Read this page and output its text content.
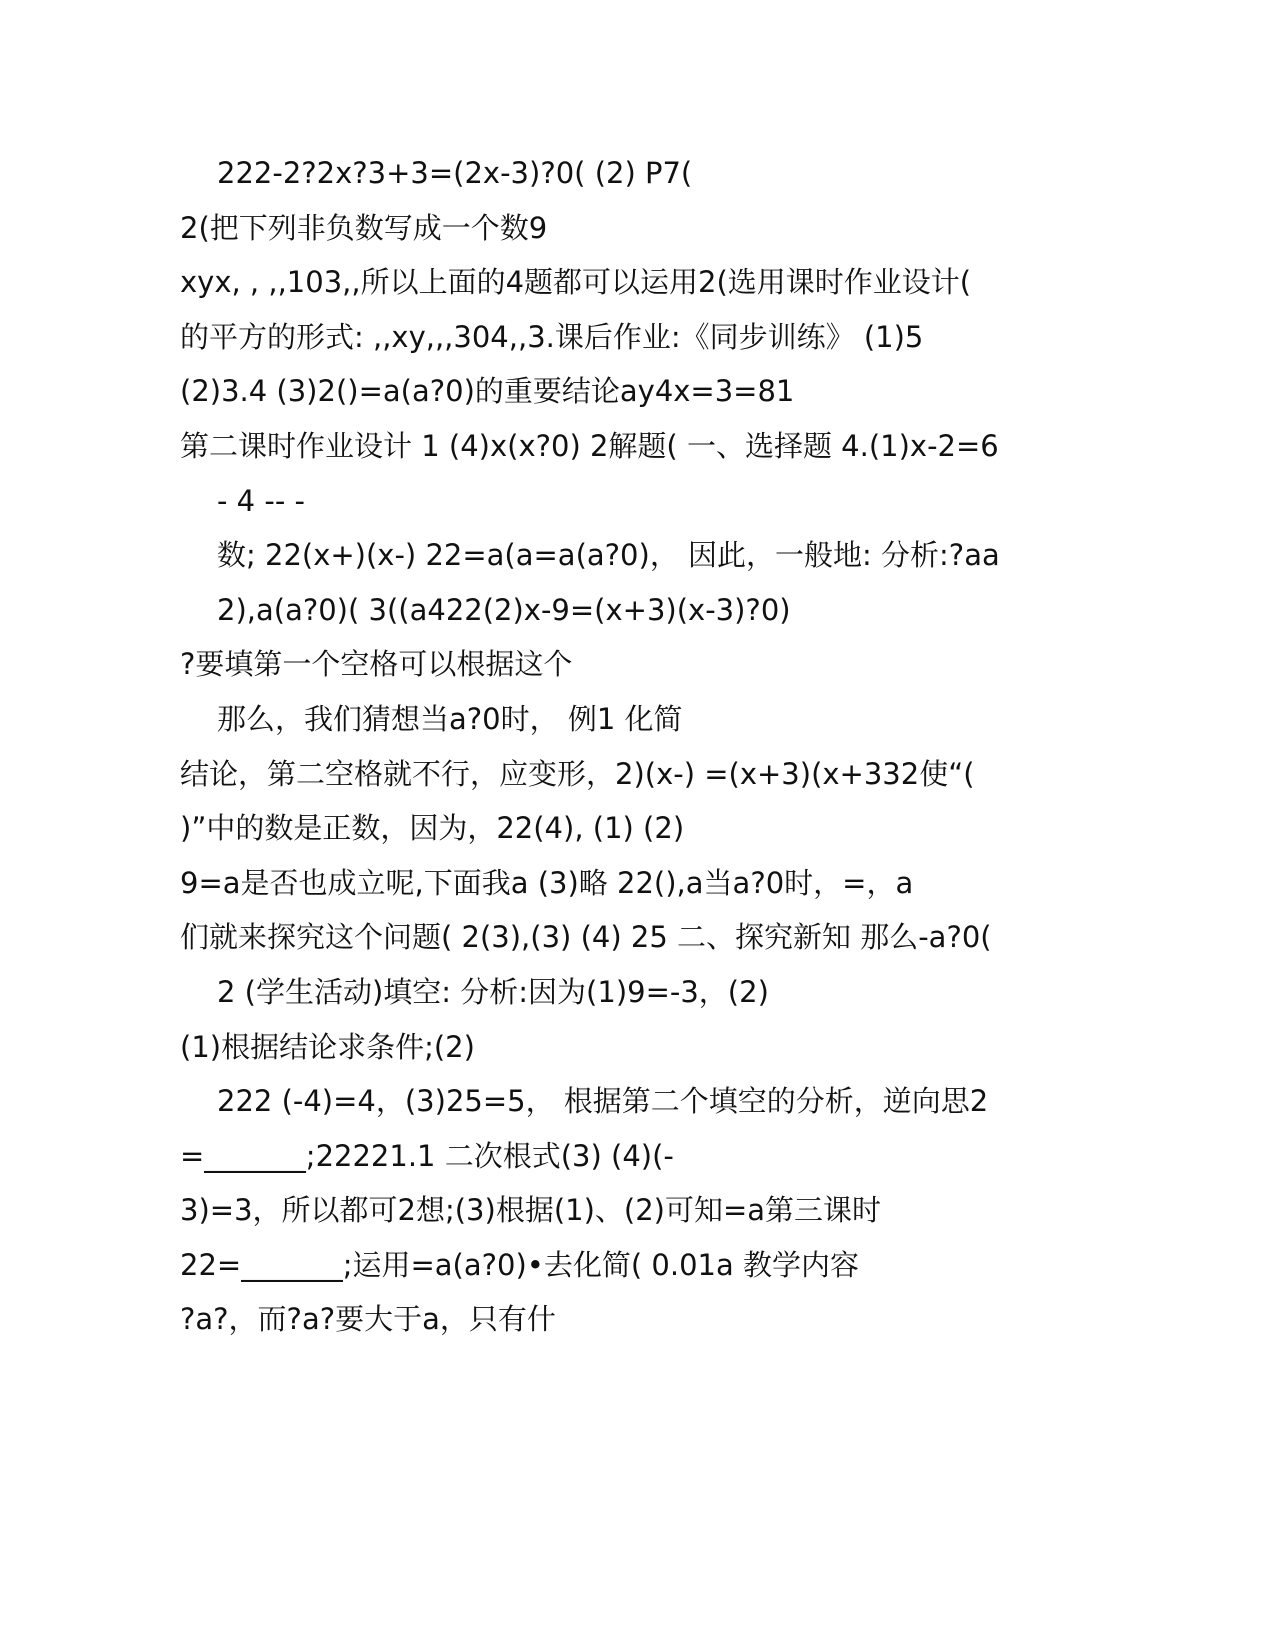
222-2?2x?3+3=(2x-3)?0( (2) P7(
2(把下列非负数写成一个数9
xyx, , ,,103,,所以上面的4题都可以运用2(选用课时作业设计(
的平方的形式: ,,xy,,,304,,3.课后作业:《同步训练》 (1)5
(2)3.4 (3)2()=a(a?0)的重要结论ay4x=3=81
第二课时作业设计 1 (4)x(x?0) 2解题( 一、选择题 4.(1)x-2=6
- 4 -- -
数; 22(x+)(x-) 22=a(a=a(a?0)， 因此，一般地: 分析:?aa
2),a(a?0)( 3((a422(2)x-9=(x+3)(x-3)?0)
?要填第一个空格可以根据这个
那么，我们猜想当a?0时， 例1 化简
结论，第二空格就不行，应变形，2)(x-) =(x+3)(x+332使“(
)”中的数是正数，因为，22(4), (1) (2)
9=a是否也成立呢,下面我a (3)略 22(),a当a?0时，=，a
们就来探究这个问题( 2(3),(3) (4) 25 二、探究新知 那么-a?0(
2 (学生活动)填空: 分析:因为(1)9=-3，(2)
(1)根据结论求条件;(2)
222 (-4)=4，(3)25=5， 根据第二个填空的分析，逆向思2
=_______;22221.1 二次根式(3) (4)(-
3)=3，所以都可2想;(3)根据(1)、(2)可知=a第三课时
22=_______;运用=a(a?0)•去化简( 0.01a 教学内容
?a?，而?a?要大于a，只有什
